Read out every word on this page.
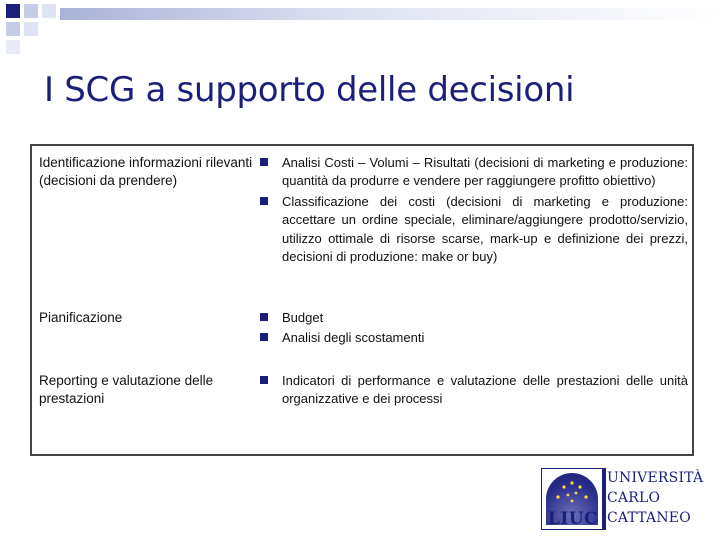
I SCG a supporto delle decisioni
Identificazione informazioni rilevanti (decisioni da prendere)
Analisi Costi – Volumi – Risultati (decisioni di marketing e produzione: quantità da produrre e vendere per raggiungere profitto obiettivo)
Classificazione dei costi (decisioni di marketing e produzione: accettare un ordine speciale, eliminare/aggiungere prodotto/servizio, utilizzo ottimale di risorse scarse, mark-up e definizione dei prezzi, decisioni di produzione: make or buy)
Pianificazione	Budget
Analisi degli scostamenti
Reporting e valutazione delle prestazioni
Indicatori di performance e valutazione delle prestazioni delle unità organizzative e dei processi
LIUC
UNIVERSITÀ
CARLO
CATTANEO
